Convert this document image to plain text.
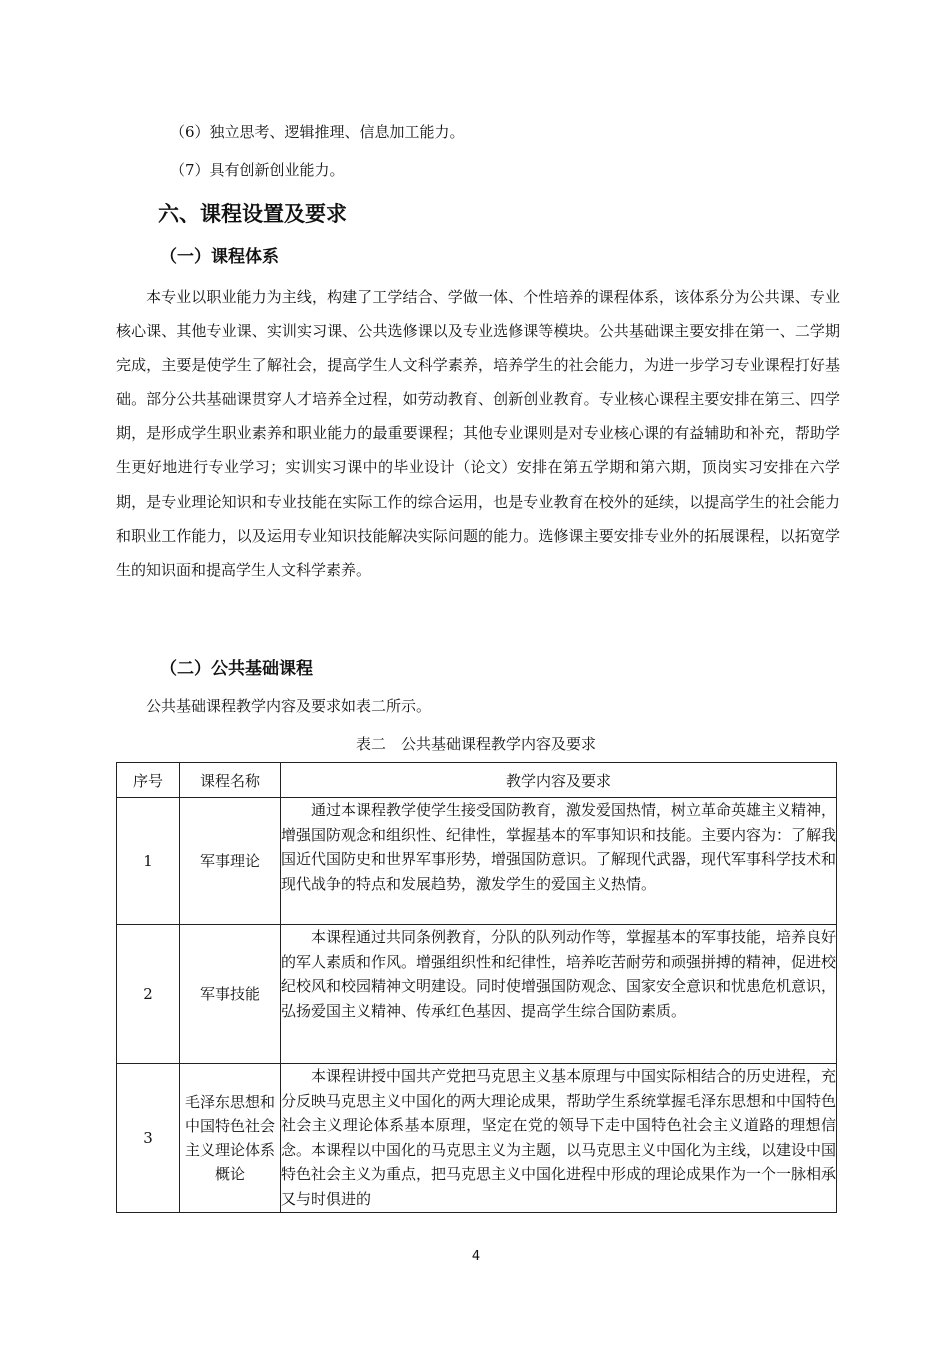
（6）独立思考、逻辑推理、信息加工能力。
（7）具有创新创业能力。
六、课程设置及要求
（一）课程体系
本专业以职业能力为主线，构建了工学结合、学做一体、个性培养的课程体系，该体系分为公共课、专业核心课、其他专业课、实训实习课、公共选修课以及专业选修课等模块。公共基础课主要安排在第一、二学期完成，主要是使学生了解社会，提高学生人文科学素养，培养学生的社会能力，为进一步学习专业课程打好基础。部分公共基础课贯穿人才培养全过程，如劳动教育、创新创业教育。专业核心课程主要安排在第三、四学期，是形成学生职业素养和职业能力的最重要课程；其他专业课则是对专业核心课的有益辅助和补充，帮助学生更好地进行专业学习；实训实习课中的毕业设计（论文）安排在第五学期和第六期，顶岗实习安排在六学期，是专业理论知识和专业技能在实际工作的综合运用，也是专业教育在校外的延续，以提高学生的社会能力和职业工作能力，以及运用专业知识技能解决实际问题的能力。选修课主要安排专业外的拓展课程，以拓宽学生的知识面和提高学生人文科学素养。
（二）公共基础课程
公共基础课程教学内容及要求如表二所示。
表二　公共基础课程教学内容及要求
序号	课程名称	教学内容及要求
1	军事理论	通过本课程教学使学生接受国防教育，激发爱国热情，树立革命英雄主义精神，增强国防观念和组织性、纪律性，掌握基本的军事知识和技能。主要内容为：了解我国近代国防史和世界军事形势，增强国防意识。了解现代武器，现代军事科学技术和现代战争的特点和发展趋势，激发学生的爱国主义热情。
2	军事技能	本课程通过共同条例教育，分队的队列动作等，掌握基本的军事技能，培养良好的军人素质和作风。增强组织性和纪律性，培养吃苦耐劳和顽强拼搏的精神，促进校纪校风和校园精神文明建设。同时使增强国防观念、国家安全意识和忧患危机意识，弘扬爱国主义精神、传承红色基因、提高学生综合国防素质。
3	毛泽东思想和中国特色社会主义理论体系概论	本课程讲授中国共产党把马克思主义基本原理与中国实际相结合的历史进程，充分反映马克思主义中国化的两大理论成果，帮助学生系统掌握毛泽东思想和中国特色社会主义理论体系基本原理，坚定在党的领导下走中国特色社会主义道路的理想信念。本课程以中国化的马克思主义为主题，以马克思主义中国化为主线，以建设中国特色社会主义为重点，把马克思主义中国化进程中形成的理论成果作为一个一脉相承又与时俱进的
4
